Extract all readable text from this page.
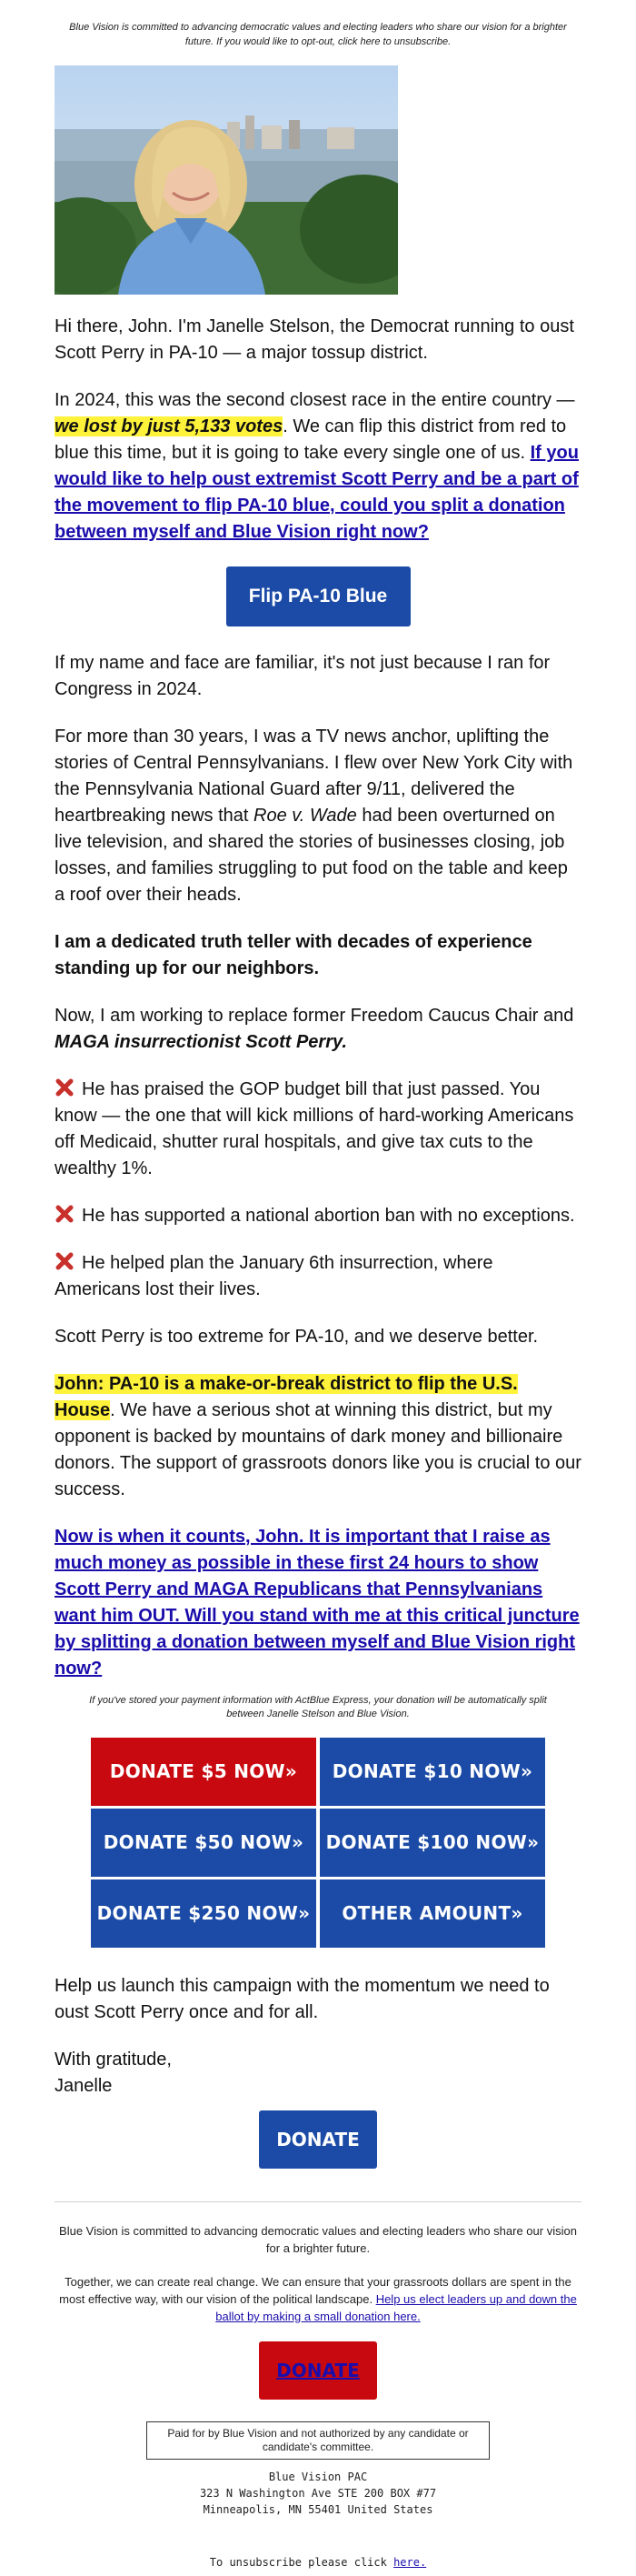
Blue Vision is committed to advancing democratic values and electing leaders who share our vision for a brighter future. If you would like to opt-out, click here to unsubscribe.

Hi there, John. I'm Janelle Stelson, the Democrat running to oust Scott Perry in PA-10 — a major tossup district.

In 2024, this was the second closest race in the entire country — we lost by just 5,133 votes. We can flip this district from red to blue this time, but it is going to take every single one of us. If you would like to help oust extremist Scott Perry and be a part of the movement to flip PA-10 blue, could you split a donation between myself and Blue Vision right now?

Flip PA-10 Blue

If my name and face are familiar, it's not just because I ran for Congress in 2024.

For more than 30 years, I was a TV news anchor, uplifting the stories of Central Pennsylvanians. I flew over New York City with the Pennsylvania National Guard after 9/11, delivered the heartbreaking news that Roe v. Wade had been overturned on live television, and shared the stories of businesses closing, job losses, and families struggling to put food on the table and keep a roof over their heads.

I am a dedicated truth teller with decades of experience standing up for our neighbors.

Now, I am working to replace former Freedom Caucus Chair and MAGA insurrectionist Scott Perry.

He has praised the GOP budget bill that just passed. You know — the one that will kick millions of hard-working Americans off Medicaid, shutter rural hospitals, and give tax cuts to the wealthy 1%.

He has supported a national abortion ban with no exceptions.

He helped plan the January 6th insurrection, where Americans lost their lives.

Scott Perry is too extreme for PA-10, and we deserve better.

John: PA-10 is a make-or-break district to flip the U.S. House. We have a serious shot at winning this district, but my opponent is backed by mountains of dark money and billionaire donors. The support of grassroots donors like you is crucial to our success.

Now is when it counts, John. It is important that I raise as much money as possible in these first 24 hours to show Scott Perry and MAGA Republicans that Pennsylvanians want him OUT. Will you stand with me at this critical juncture by splitting a donation between myself and Blue Vision right now?

If you've stored your payment information with ActBlue Express, your donation will be automatically split between Janelle Stelson and Blue Vision.
DONATE $5 NOW»	DONATE $10 NOW»
DONATE $50 NOW»	DONATE $100 NOW»
DONATE $250 NOW»	OTHER AMOUNT»

Help us launch this campaign with the momentum we need to oust Scott Perry once and for all.

With gratitude,
Janelle

DONATE

Blue Vision is committed to advancing democratic values and electing leaders who share our vision for a brighter future.

Together, we can create real change. We can ensure that your grassroots dollars are spent in the most effective way, with our vision of the political landscape. Help us elect leaders up and down the ballot by making a small donation here.

DONATE
Paid for by Blue Vision and not authorized by any candidate or candidate's committee.
Blue Vision PAC
323 N Washington Ave STE 200 BOX #77
Minneapolis, MN 55401 United States
To unsubscribe please click here.
